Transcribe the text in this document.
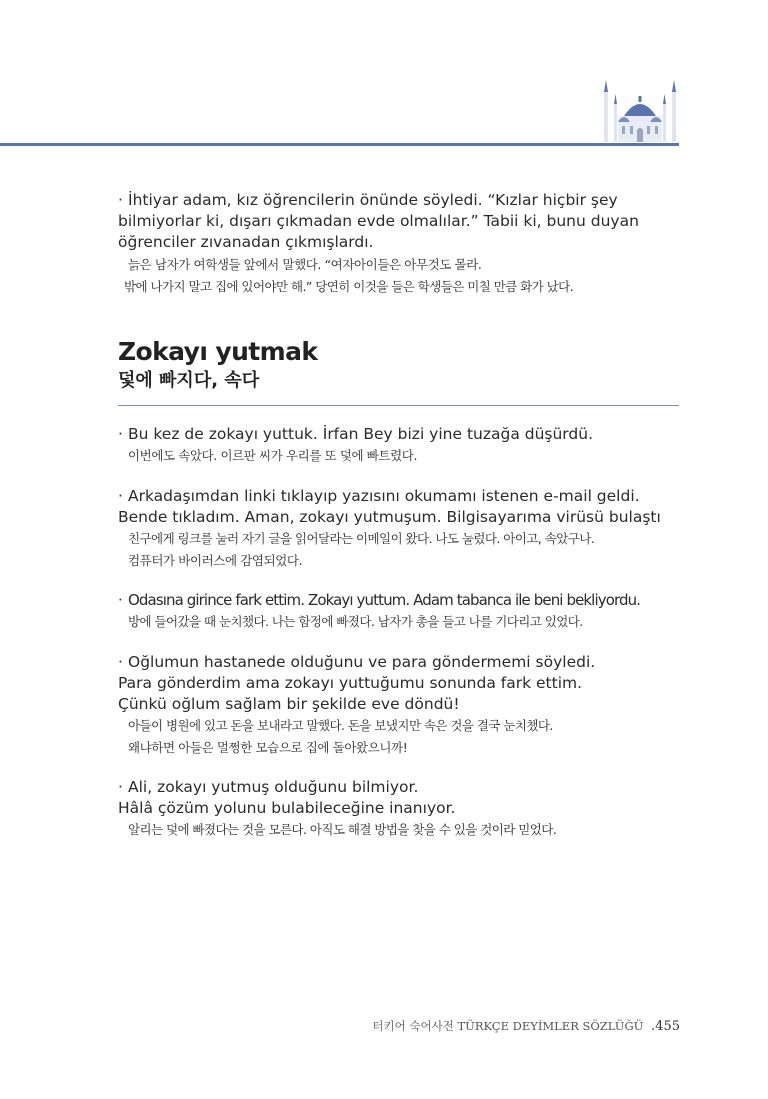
· İhtiyar adam, kız öğrencilerin önünde söyledi. “Kızlar hiçbir şey

bilmiyorlar ki, dışarı çıkmadan evde olmalılar.” Tabii ki, bunu duyan

öğrenciler zıvanadan çıkmışlardı.

늙은 남자가 여학생들 앞에서 말했다. “여자아이들은 아무것도 몰라.

밖에 나가지 말고 집에 있어야만 해.” 당연히 이것을 들은 학생들은 미칠 만큼 화가 났다.

Zokayı yutmak
덫에 빠지다, 속다

· Bu kez de zokayı yuttuk. İrfan Bey bizi yine tuzağa düşürdü.

이번에도 속았다. 이르판 씨가 우리를 또 덫에 빠트렸다.

· Arkadaşımdan linki tıklayıp yazısını okumamı istenen e-mail geldi.

Bende tıkladım. Aman, zokayı yutmuşum. Bilgisayarıma virüsü bulaştı

친구에게 링크를 눌러 자기 글을 읽어달라는 이메일이 왔다. 나도 눌렀다. 아이고, 속았구나.

컴퓨터가 바이러스에 감염되었다.

· Odasına girince fark ettim. Zokayı yuttum. Adam tabanca ile beni bekliyordu.

방에 들어갔을 때 눈치챘다. 나는 함정에 빠졌다. 남자가 총을 들고 나를 기다리고 있었다.

· Oğlumun hastanede olduğunu ve para göndermemi söyledi.

Para gönderdim ama zokayı yuttuğumu sonunda fark ettim.

Çünkü oğlum sağlam bir şekilde eve döndü!

아들이 병원에 있고 돈을 보내라고 말했다. 돈을 보냈지만 속은 것을 결국 눈치챘다.

왜냐하면 아들은 멀쩡한 모습으로 집에 돌아왔으니까!

· Ali, zokayı yutmuş olduğunu bilmiyor.

Hâlâ çözüm yolunu bulabileceğine inanıyor.

알리는 덫에 빠졌다는 것을 모른다. 아직도 해결 방법을 찾을 수 있을 것이라 믿었다.

터키어 숙어사전 TÜRKÇE DEYİMLER SÖZLÜĞÜ .455
